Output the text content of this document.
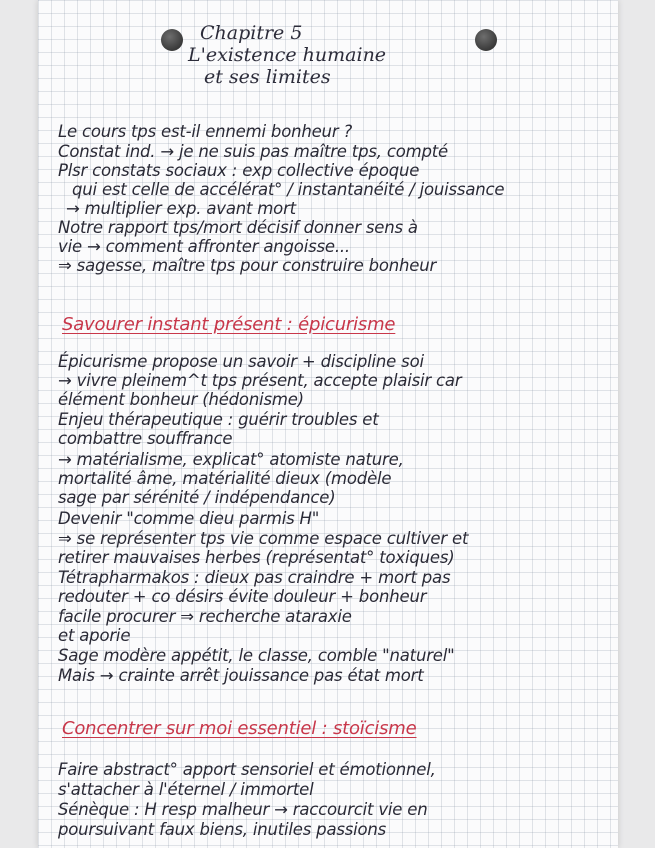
Chapitre 5
L'existence humaine
et ses limites
Le cours tps est-il ennemi bonheur ?
Constat ind. → je ne suis pas maître tps, compté
Plsr constats sociaux : exp collective époque
qui est celle de accélérat° / instantanéité / jouissance
→ multiplier exp. avant mort
Notre rapport tps/mort décisif donner sens à
vie → comment affronter angoisse...
⇒ sagesse, maître tps pour construire bonheur
Savourer instant présent : épicurisme
Épicurisme propose un savoir + discipline soi
→ vivre pleinem^t tps présent, accepte plaisir car
élément bonheur (hédonisme)
Enjeu thérapeutique : guérir troubles et
combattre souffrance
→ matérialisme, explicat° atomiste nature,
mortalité âme, matérialité dieux (modèle
sage par sérénité / indépendance)
Devenir "comme dieu parmis H"
⇒ se représenter tps vie comme espace cultiver et
retirer mauvaises herbes (représentat° toxiques)
Tétrapharmakos : dieux pas craindre + mort pas
redouter + co désirs évite douleur + bonheur
facile procurer ⇒ recherche ataraxie
et aporie
Sage modère appétit, le classe, comble "naturel"
Mais → crainte arrêt jouissance pas état mort
Concentrer sur moi essentiel : stoïcisme
Faire abstract° apport sensoriel et émotionnel,
s'attacher à l'éternel / immortel
Sénèque : H resp malheur → raccourcit vie en
poursuivant faux biens, inutiles passions
